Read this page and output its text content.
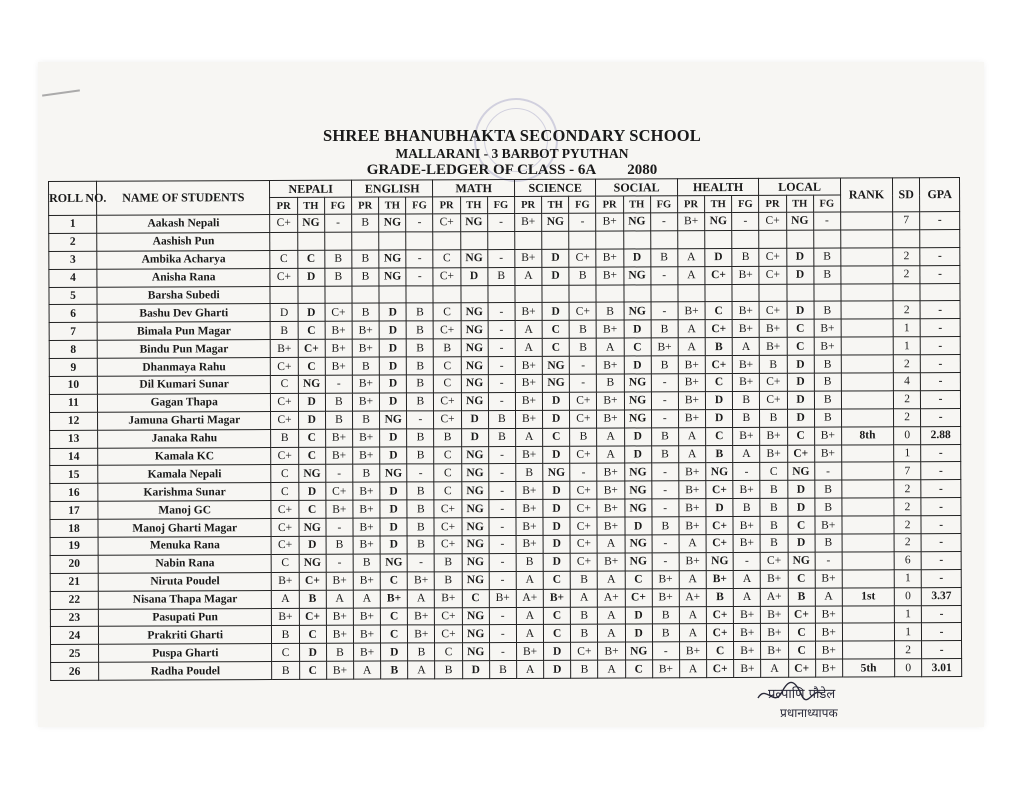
SHREE BHANUBHAKTA SECONDARY SCHOOL
MALLARANI - 3 BARBOT PYUTHAN
GRADE-LEDGER OF CLASS - 6A 2080
ROLL NO.	NAME OF STUDENTS	NEPALI			ENGLISH			MATH			SCIENCE			SOCIAL			HEALTH			LOCAL			RANK	SD	GPA
		PR	TH	FG	PR	TH	FG	PR	TH	FG	PR	TH	FG	PR	TH	FG	PR	TH	FG	PR	TH	FG			
1	Aakash Nepali	C+	NG	-	B	NG	-	C+	NG	-	B+	NG	-	B+	NG	-	B+	NG	-	C+	NG	-		7	-
2	Aashish Pun																								
3	Ambika Acharya	C	C	B	B	NG	-	C	NG	-	B+	D	C+	B+	D	B	A	D	B	C+	D	B		2	-
4	Anisha Rana	C+	D	B	B	NG	-	C+	D	B	A	D	B	B+	NG	-	A	C+	B+	C+	D	B		2	-
5	Barsha Subedi																								
6	Bashu Dev Gharti	D	D	C+	B	D	B	C	NG	-	B+	D	C+	B	NG	-	B+	C	B+	C+	D	B		2	-
7	Bimala Pun Magar	B	C	B+	B+	D	B	C+	NG	-	A	C	B	B+	D	B	A	C+	B+	B+	C	B+		1	-
8	Bindu Pun Magar	B+	C+	B+	B+	D	B	B	NG	-	A	C	B	A	C	B+	A	B	A	B+	C	B+		1	-
9	Dhanmaya Rahu	C+	C	B+	B	D	B	C	NG	-	B+	NG	-	B+	D	B	B+	C+	B+	B	D	B		2	-
10	Dil Kumari Sunar	C	NG	-	B+	D	B	C	NG	-	B+	NG	-	B	NG	-	B+	C	B+	C+	D	B		4	-
11	Gagan Thapa	C+	D	B	B+	D	B	C+	NG	-	B+	D	C+	B+	NG	-	B+	D	B	C+	D	B		2	-
12	Jamuna Gharti Magar	C+	D	B	B	NG	-	C+	D	B	B+	D	C+	B+	NG	-	B+	D	B	B	D	B		2	-
13	Janaka Rahu	B	C	B+	B+	D	B	B	D	B	A	C	B	A	D	B	A	C	B+	B+	C	B+	8th	0	2.88
14	Kamala KC	C+	C	B+	B+	D	B	C	NG	-	B+	D	C+	A	D	B	A	B	A	B+	C+	B+		1	-
15	Kamala Nepali	C	NG	-	B	NG	-	C	NG	-	B	NG	-	B+	NG	-	B+	NG	-	C	NG	-		7	-
16	Karishma Sunar	C	D	C+	B+	D	B	C	NG	-	B+	D	C+	B+	NG	-	B+	C+	B+	B	D	B		2	-
17	Manoj GC	C+	C	B+	B+	D	B	C+	NG	-	B+	D	C+	B+	NG	-	B+	D	B	B	D	B		2	-
18	Manoj Gharti Magar	C+	NG	-	B+	D	B	C+	NG	-	B+	D	C+	B+	D	B	B+	C+	B+	B	C	B+		2	-
19	Menuka Rana	C+	D	B	B+	D	B	C+	NG	-	B+	D	C+	A	NG	-	A	C+	B+	B	D	B		2	-
20	Nabin Rana	C	NG	-	B	NG	-	B	NG	-	B	D	C+	B+	NG	-	B+	NG	-	C+	NG	-		6	-
21	Niruta Poudel	B+	C+	B+	B+	C	B+	B	NG	-	A	C	B	A	C	B+	A	B+	A	B+	C	B+		1	-
22	Nisana Thapa Magar	A	B	A	A	B+	A	B+	C	B+	A+	B+	A	A+	C+	B+	A+	B	A	A+	B	A	1st	0	3.37
23	Pasupati Pun	B+	C+	B+	B+	C	B+	C+	NG	-	A	C	B	A	D	B	A	C+	B+	B+	C+	B+		1	-
24	Prakriti Gharti	B	C	B+	B+	C	B+	C+	NG	-	A	C	B	A	D	B	A	C+	B+	B+	C	B+		1	-
25	Puspa Gharti	C	D	B	B+	D	B	C	NG	-	B+	D	C+	B+	NG	-	B+	C	B+	B+	C	B+		2	-
26	Radha Poudel	B	C	B+	A	B	A	B	D	B	A	D	B	A	C	B+	A	C+	B+	A	C+	B+	5th	0	3.01
प्रल्पाणि पौडेल
प्रधानाध्यापक
